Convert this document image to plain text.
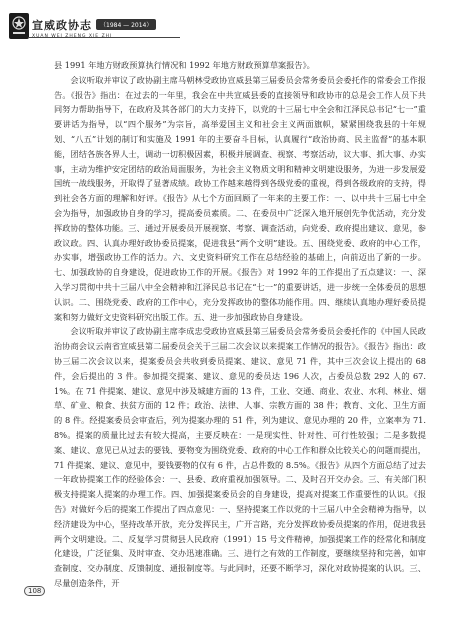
宣威政协志 （1984 — 2014）

县 1991 年地方财政预算执行情况和 1992 年地方财政预算草案报告》。

会议听取并审议了政协副主席马朝林受政协宣威县第三届委员会常务委员会委托作的常委会工作报告。《报告》指出：在过去的一年里，我会在中共宣威县委的直接领导和政协市的总是会工作人员下共同努力帮助指导下，在政府及其各部门的大力支持下，以党的十三届七中全会和江泽民总书记“七一”重要讲话为指导，以“四个服务”为宗旨，高举爱国主义和社会主义两面旗帜，紧紧围绕我县的十年规划、“八五”计划的制订和实施及 1991 年的主要奋斗目标，认真履行“政治协商、民主监督”的基本职能，团结各族各界人士，调动一切积极因素，积极并展调查、视察、考察活动，议大事、抓大事、办实事，主动为维护安定团结的政治局面服务，为社会主义物质文明和精神文明建设服务，为进一步发展爱国统一战线服务，开取得了显著成绩。政协工作越来越得到各级党委的重视，得到各级政府的支持，得到社会各方面的理解和好评。《报告》从七个方面回顾了一年来的主要工作：一、以中共十三届七中全会为指导，加强政协自身的学习，提高委员素质。二、在委员中广泛深入地开展创先争优活动，充分发挥政协的整体功能。三、通过开展委员开展视察、考察、调查活动，向党委、政府提出建议、意见，参政议政。四、认真办理好政协委员提案，促进我县“两个文明”建设。五、围绕党委、政府的中心工作，办实事，增强政协工作的活力。六、文史资料研究工作在总结经验的基础上，向前迈出了新的一步。七、加强政协的自身建设，促进政协工作的开展。《报告》对 1992 年的工作提出了五点建议：一、深入学习贯彻中共十三届八中全会精神和江泽民总书记在“七一”的重要讲话，进一步统一全体委员的思想认识。二、围绕党委、政府的工作中心，充分发挥政协的整体功能作用。四、继续认真地办理好委员提案和努力做好文史资料研究出版工作。五、进一步加强政协自身建设。

会议听取并审议了政协副主席李成忠受政协宣威县第三届委员会常务委员会委托作的《中国人民政治协商会议云南省宣威县第二届委员会关于三届二次会议以来提案工作情况的报告》。《报告》指出：政协三届二次会议以来，提案委员会共收到委员提案、建议、意见 71 件，其中三次会议上提出的 68 件，会后提出的 3 件。参加提交提案、建议、意见的委员达 196 人次，占委员总数 292 人的 67.1%。在 71 件提案、建议、意见中涉及城建方面的 13 件，工业、交通、商业、农业、水利、林业、烟草、矿业、粮食、扶贫方面的 12 件；政治、法律、人事、宗教方面的 38 件；教育、文化、卫生方面的 8 件。经提案委员会审查后，列为提案办理的 51 件，列为建议、意见办理的 20 件，立案率为 71.8%。提案的质量比过去有较大提高，主要反映在：一是现实性、针对性、可行性较强；二是多数提案、建议、意见已从过去的要钱、要物变为围绕党委、政府的中心工作和群众比较关心的问题而提出，71 件提案、建议、意见中，要钱要物的仅有 6 件，占总件数的 8.5%。《报告》从四个方面总结了过去一年政协提案工作的经验体会：一、县委、政府重视加强领导。二、及时召开交办会。三、有关部门积极支持提案人提案的办理工作。四、加强提案委员会的自身建设，提高对提案工作重要性的认识。《报告》对做好今后的提案工作提出了四点意见：一、坚持提案工作以党的十三届八中全会精神为指导，以经济建设为中心，坚持改革开放，充分发挥民主，广开言路，充分发挥政协委员提案的作用，促进我县两个文明建设。二、反复学习贯彻县人民政府（1991）15 号文件精神，加强提案工作的经常化和制度化建设，广泛征集、及时审查、交办迅速准确。三、进行之有效的工作制度，要继续坚持和完善，如审查制度、交办制度、反馈制度、通报制度等。与此同时，还要不断学习，深化对政协提案的认识。三、尽量创造条件，开

108
